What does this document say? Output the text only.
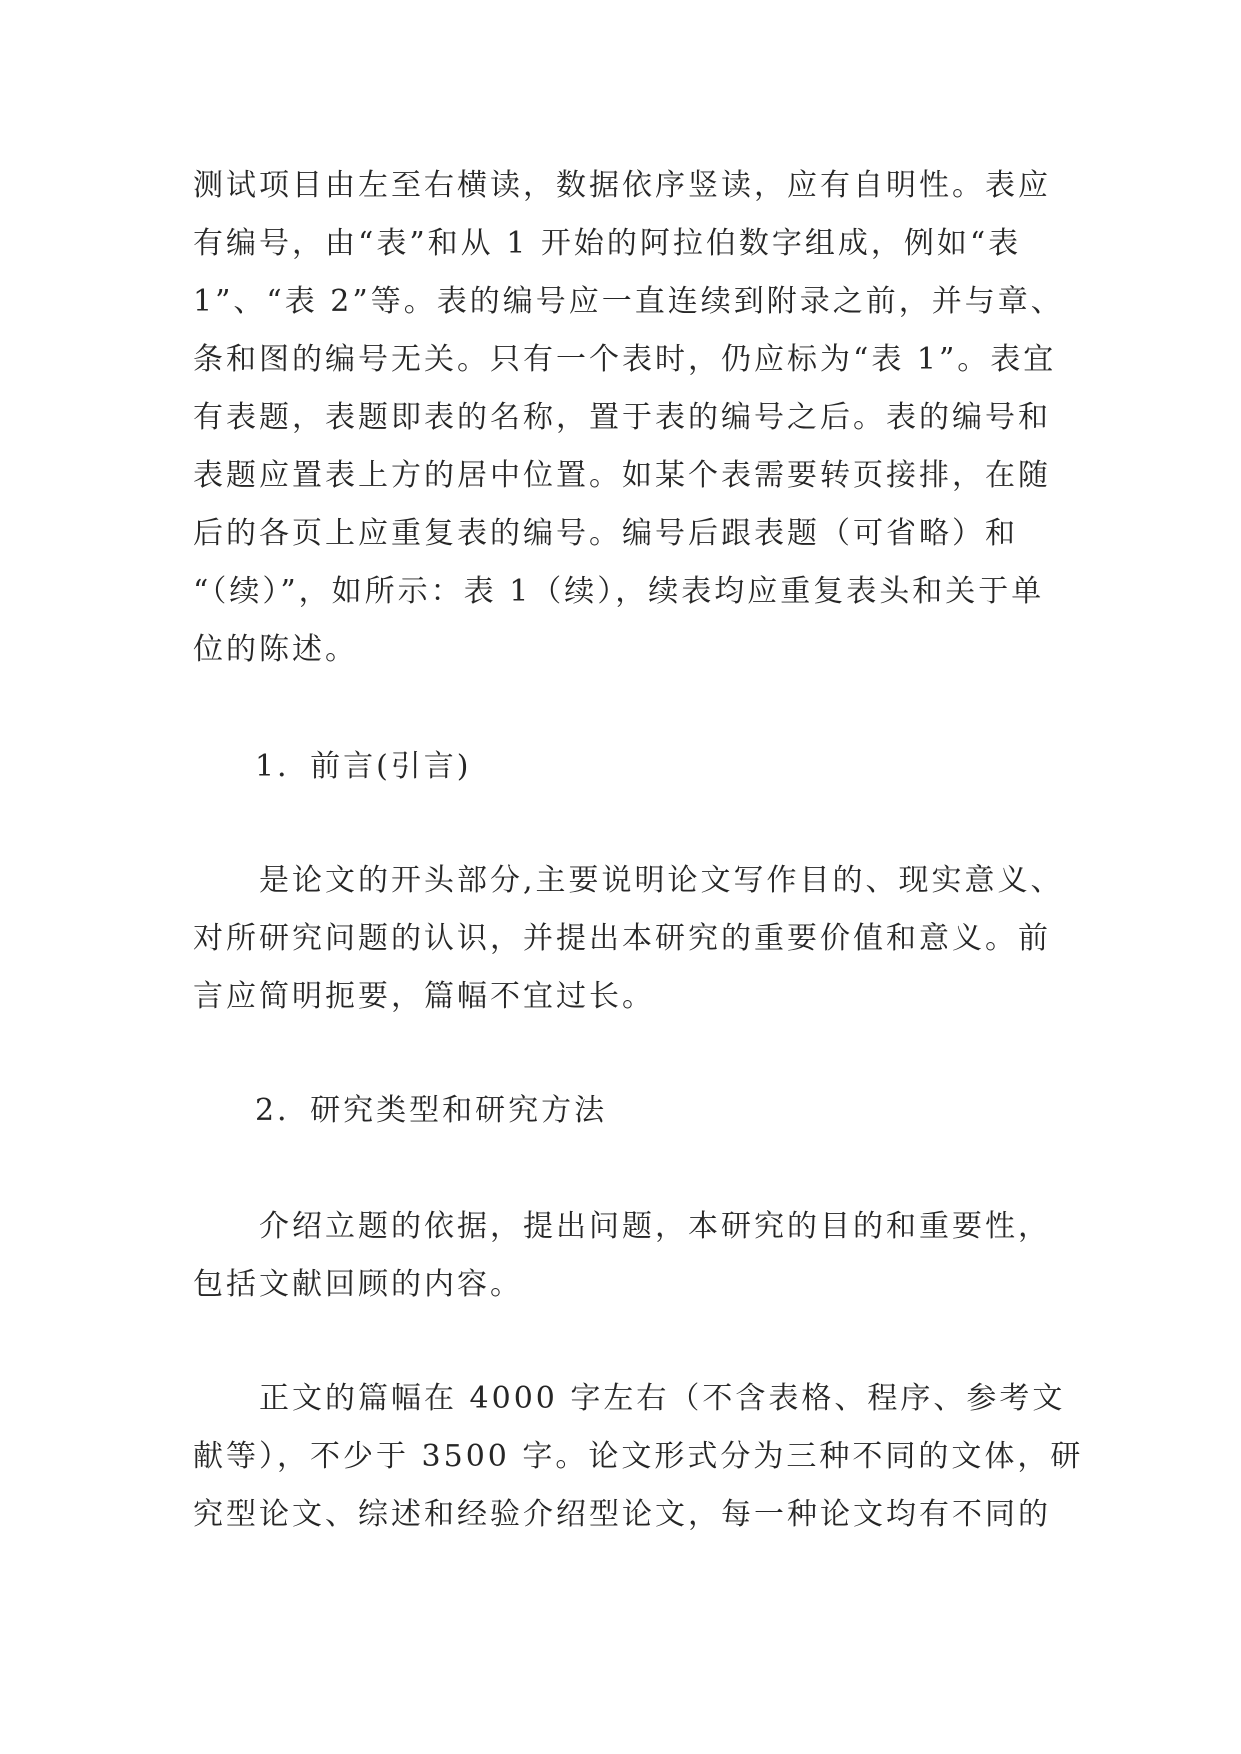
测试项目由左至右横读，数据依序竖读，应有自明性。表应
有编号，由“表”和从 1 开始的阿拉伯数字组成，例如“表
1”、“表 2”等。表的编号应一直连续到附录之前，并与章、
条和图的编号无关。只有一个表时，仍应标为“表 1”。表宜
有表题，表题即表的名称，置于表的编号之后。表的编号和
表题应置表上方的居中位置。如某个表需要转页接排，在随
后的各页上应重复表的编号。编号后跟表题（可省略）和
“（续）”，如所示：表 1（续），续表均应重复表头和关于单
位的陈述。
1．前言(引言)
　　是论文的开头部分,主要说明论文写作目的、现实意义、
对所研究问题的认识，并提出本研究的重要价值和意义。前
言应简明扼要，篇幅不宜过长。
2．研究类型和研究方法
　　介绍立题的依据，提出问题，本研究的目的和重要性，
包括文献回顾的内容。
　　正文的篇幅在 4000 字左右（不含表格、程序、参考文
献等），不少于 3500 字。论文形式分为三种不同的文体，研
究型论文、综述和经验介绍型论文，每一种论文均有不同的
